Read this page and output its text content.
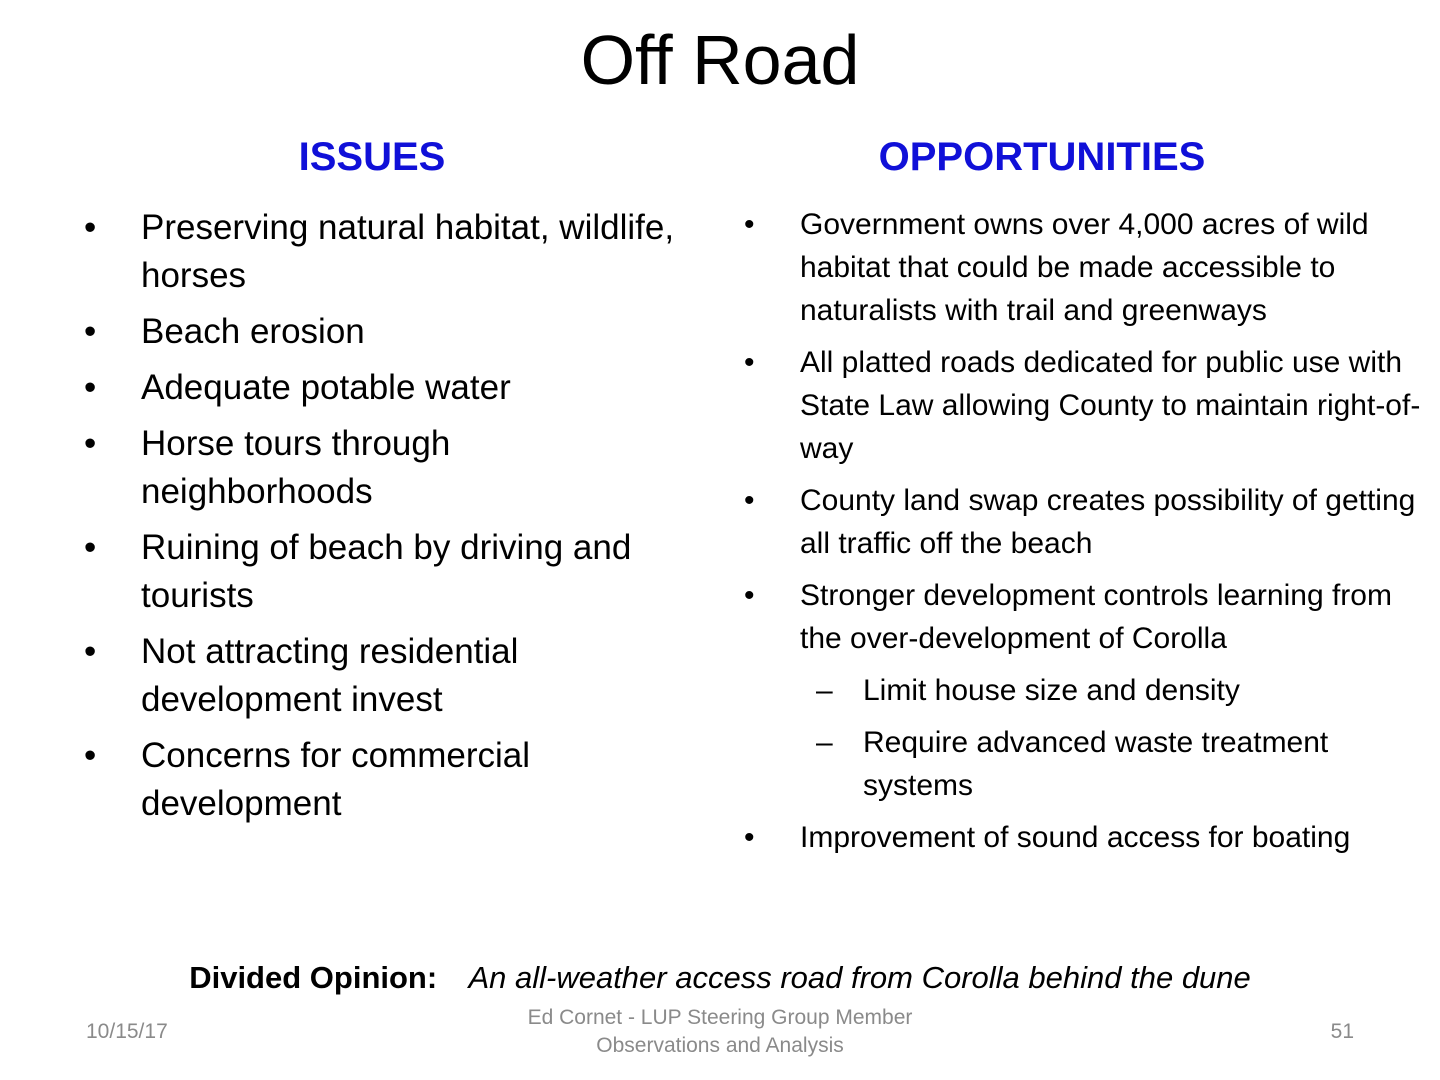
Off Road
ISSUES	OPPORTUNITIES
• Preserving natural habitat, wildlife, horses
• Beach erosion
• Adequate potable water
• Horse tours through neighborhoods
• Ruining of beach by driving and tourists
• Not attracting residential development invest
• Concerns for commercial development
• Government owns over 4,000 acres of wild habitat that could be made accessible to naturalists with trail and greenways
• All platted roads dedicated for public use with State Law allowing County to maintain right-of-way
• County land swap creates possibility of getting all traffic off the beach
• Stronger development controls learning from the over-development of Corolla
– Limit house size and density
– Require advanced waste treatment systems
• Improvement of sound access for boating
Divided Opinion: An all-weather access road from Corolla behind the dune
10/15/17
Ed Cornet - LUP Steering Group Member
Observations and Analysis
51
